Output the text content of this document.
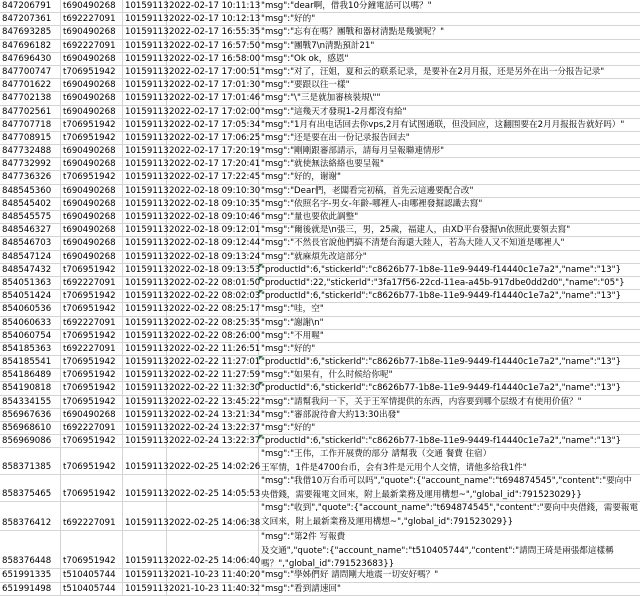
847206791	t690490268	10159113 2022-02-17 10:11:13 "msg":"dear啊，借我10分鐘電話可以嗎？"
847207361	t692227091	10159113 2022-02-17 10:12:13 "msg":"好的"
847693285	t690490268	10159113 2022-02-17 16:55:35 "msg":"忘有在嗎？團戰和器材清點是幾號呢？"
847696182	t692227091	10159113 2022-02-17 16:57:50 "msg":"團戰7\n清點預計21"
847696430	t690490268	10159113 2022-02-17 16:58:00 "msg":"Ok ok，感恩"
847700747	t706951942	10159113 2022-02-17 17:00:51 "msg":"对了，汪姐，夏和云的联系记录，是要补在2月月报，还是另外在出一分报告记录"
847701622	t690490268	10159113 2022-02-17 17:01:30 "msg":"要跟以往一樣"
847702138	t690490268	10159113 2022-02-17 17:01:46 "msg":"\"三是就加審核裝規\""
847702561	t690490268	10159113 2022-02-17 17:02:00 "msg":"這幾天才發現1-2月都沒有給"
847707718	t706951942	10159113 2022-02-17 17:05:34 "msg":"1月有出电话回去你vps,2月有试图通联，但没回应，这翻围要在2月月报报告就好吗）"
847708915	t706951942	10159113 2022-02-17 17:06:25 "msg":"还是要在出一份记录报告回去"
847732488	t690490268	10159113 2022-02-17 17:20:19 "msg":"剛剛跟審部請示，請每月呈報聯連情形"
847732992	t690490268	10159113 2022-02-17 17:20:41 "msg":"就使無法絡絡也要呈報"
847736326	t706951942	10159113 2022-02-17 17:22:45 "msg":"好的，谢谢"
848545360	t690490268	10159113 2022-02-18 09:10:30 "msg":"Dear們，老闆看完初稿，首先云這邊要配合改"
848545402	t690490268	10159113 2022-02-18 09:10:35 "msg":"依照名字-男女-年齡-哪裡人-由哪裡發掘認識去寫"
848545575	t690490268	10159113 2022-02-18 09:10:46 "msg":"量也要依此調整"
848546327	t690490268	10159113 2022-02-18 09:12:01 "msg":"爾後就是\n張三，男，25歲，福建人，由XD平台發掘\n依照此要領去寫"
848546703	t690490268	10159113 2022-02-18 09:12:44 "msg":"不然長官說他們搞不清楚台海還大陸人，若為大陸人又不知道是哪裡人"
848547124	t690490268	10159113 2022-02-18 09:13:24 "msg":"就麻煩先改這部分"
848547432	t706951942	10159113 2022-02-18 09:13:53 "productId":6,"stickerId":"c8626b77-1b8e-11e9-9449-f14440c1e7a2","name":"13"}
854051363	t692227091	10159113 2022-02-22 08:01:50 "productId":22,"stickerId":"3fa17f56-22cd-11ea-a45b-917dbe0dd2d0","name":"05"}
854051424	t706951942	10159113 2022-02-22 08:02:03 "productId":6,"stickerId":"c8626b77-1b8e-11e9-9449-f14440c1e7a2","name":"13"}
854060536	t706951942	10159113 2022-02-22 08:25:17 "msg":"哇，空"
854060633	t692227091	10159113 2022-02-22 08:25:35 "msg":"謝謝\n"
854060754	t706951942	10159113 2022-02-22 08:26:00 "msg":"不用喔"
854185363	t692227091	10159113 2022-02-22 11:26:51 "msg":"好的"
854185541	t706951942	10159113 2022-02-22 11:27:01 "productId":6,"stickerId":"c8626b77-1b8e-11e9-9449-f14440c1e7a2","name":"13"}
854186489	t706951942	10159113 2022-02-22 11:27:59 "msg":"如果有，什么时候给你呢"
854190818	t706951942	10159113 2022-02-22 11:32:30 "productId":6,"stickerId":"c8626b77-1b8e-11e9-9449-f14440c1e7a2","name":"13"}
854334155	t706951942	10159113 2022-02-22 13:45:22 "msg":"請幫我问一下，关于王军情提供的东西，内容要到哪个层级才有使用价值？"
856967636	t690490268	10159113 2022-02-24 13:21:34 "msg":"審部說待會大約13:30出發"
856968610	t692227091	10159113 2022-02-24 13:22:37 "msg":"好的"
856969086	t706951942	10159113 2022-02-24 13:22:37 "productId":6,"stickerId":"c8626b77-1b8e-11e9-9449-f14440c1e7a2","name":"13"}
858371385	t706951942	10159113 2022-02-25 14:02:26
"msg":"王伟，工作开展费的部分 請幫我（交通 餐費 住宿）
王军情，1件是4700台币，会有3件是元用个人交情，请他多给我1件"
858375465	t706951942	10159113 2022-02-25 14:05:53
"msg":"我借10万台币可以吗","quote":{"account_name":"t694874545","content":"要向中央借錢，需要報電文回來，附上最新業務及運用構想~","global_id":791523029}}
858376412	t692227091	10159113 2022-02-25 14:06:38
"msg":"收到","quote":{"account_name":"t694874545","content":"要向中央借錢，需要報電文回來，附上最新業務及運用構想~","global_id":791523029}}
858376448	t706951942	10159113 2022-02-25 14:06:40
"msg":"第2件 写報費
及交通","quote":{"account_name":"t510405744","content":"請問王琦是兩張都這樣稱嗎？","global_id":791523683}}
651991335	t510405744	10159113 2021-10-23 11:40:20 "msg":"學姊們好 請問剛大地震一切安好嗎？"
651991498	t510405744	10159113 2021-10-23 11:40:32 "msg":"看到請速回"
